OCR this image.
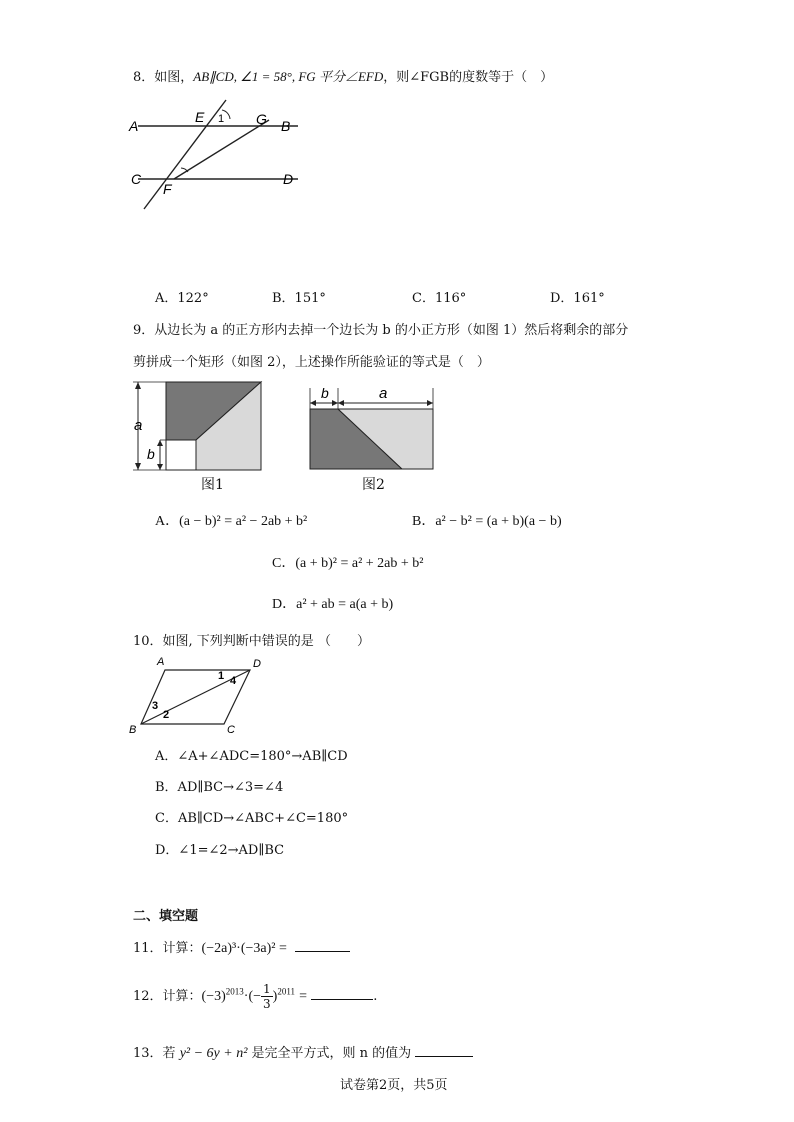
8．如图，AB∥CD, ∠1 = 58°, FG 平分∠EFD，则∠FGB的度数等于（　）
A	B
C	D
E
F
G
1
A．122°	B．151°	C．116°	D．161°
9．从边长为 a 的正方形内去掉一个边长为 b 的小正方形（如图 1）然后将剩余的部分
剪拼成一个矩形（如图 2），上述操作所能验证的等式是（　）
a
b
图1
b	a
图2
A．(a − b)² = a² − 2ab + b²	B．a² − b² = (a + b)(a − b)
C．(a + b)² = a² + 2ab + b²
D．a² + ab = a(a + b)
10．如图, 下列判断中错误的是 （　　）
A	D
B	C
1 4
3
2
A．∠A+∠ADC=180°→AB∥CD
B．AD∥BC→∠3=∠4
C．AB∥CD→∠ABC+∠C=180°
D．∠1=∠2→AD∥BC
二、填空题
11．计算：(−2a)³·(−3a)² =
12．计算：$(-3)^{2013}\cdot(- \frac{1}{3} )^{2011}$ =	.
13．若 y² − 6y + n² 是完全平方式，则 n 的值为
试卷第2页，共5页
